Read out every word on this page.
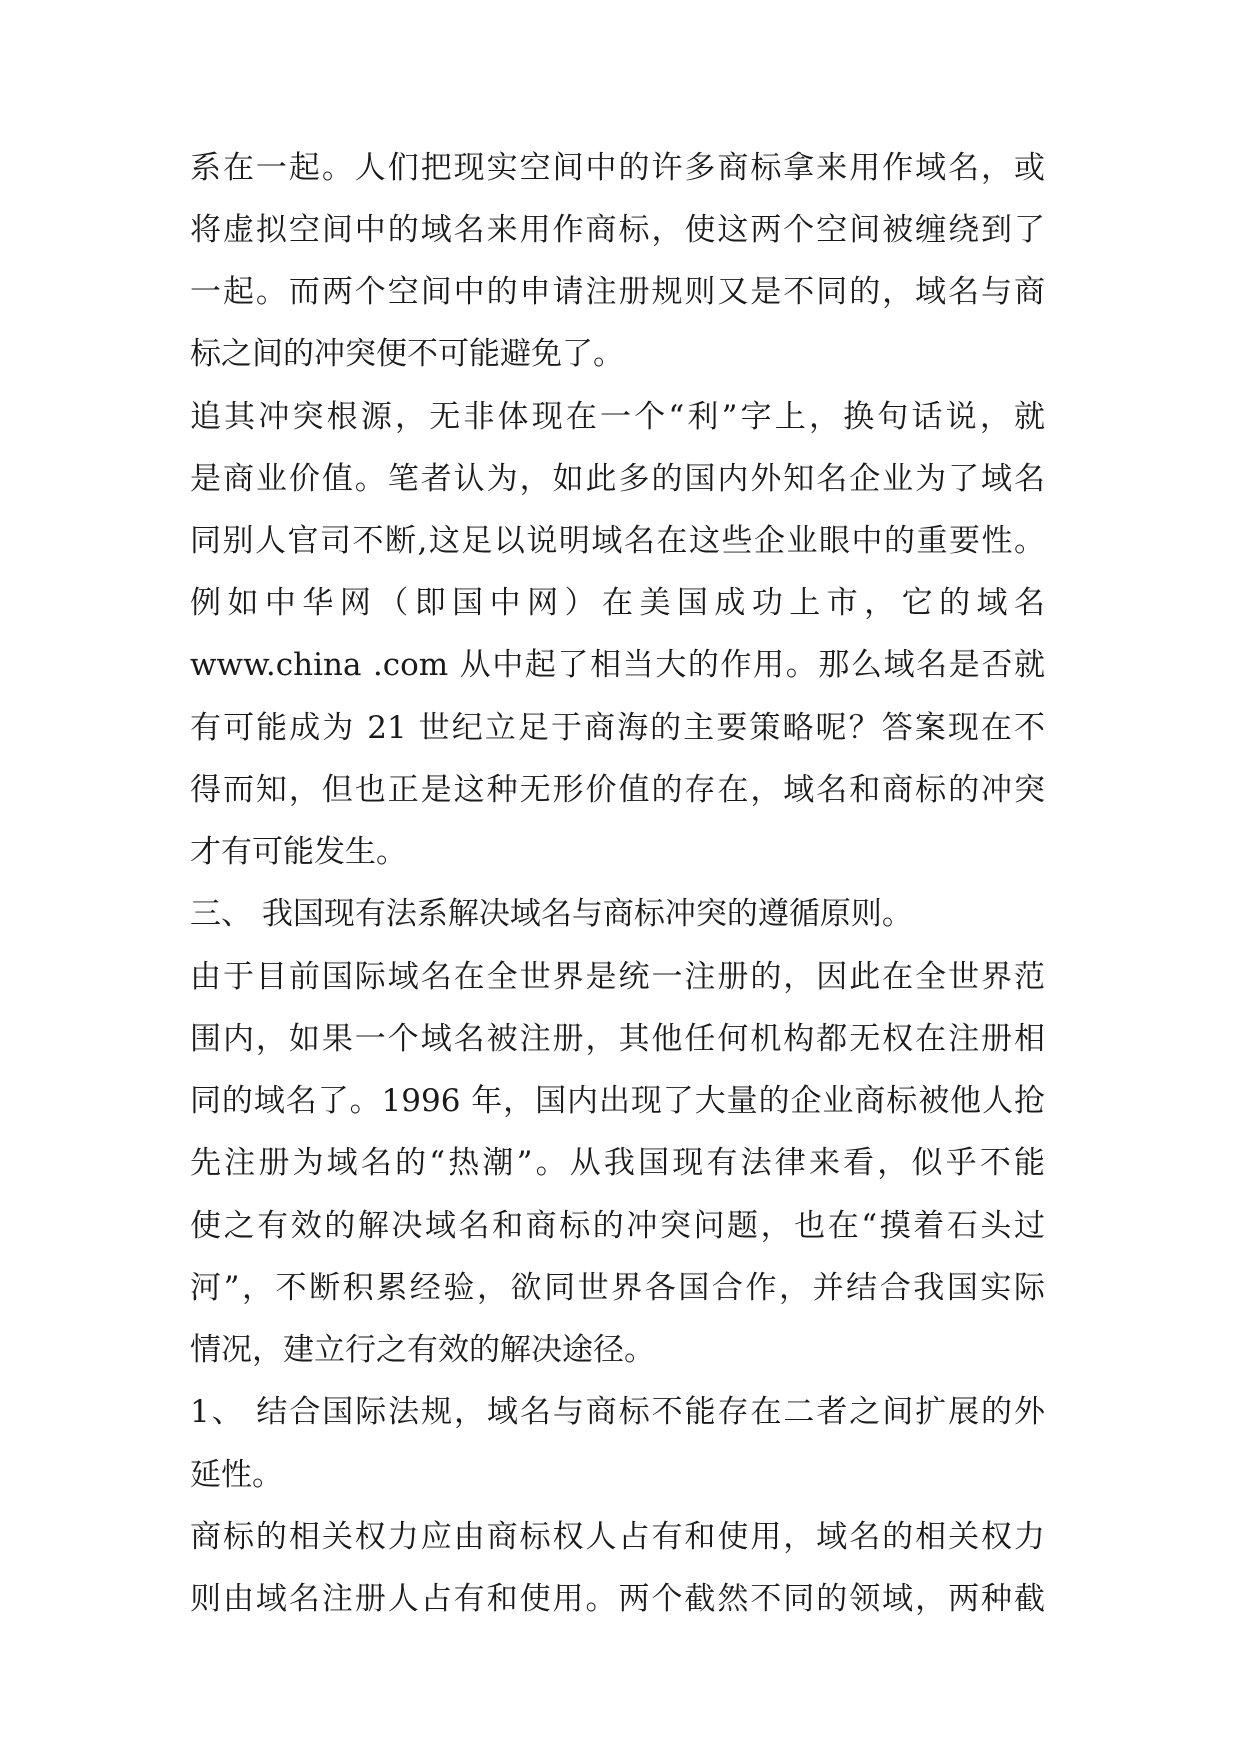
系在一起。人们把现实空间中的许多商标拿来用作域名，或

将虚拟空间中的域名来用作商标，使这两个空间被缠绕到了

一起。而两个空间中的申请注册规则又是不同的，域名与商

标之间的冲突便不可能避免了。

追其冲突根源，无非体现在一个“利”字上，换句话说，就

是商业价值。笔者认为，如此多的国内外知名企业为了域名

同别人官司不断,这足以说明域名在这些企业眼中的重要性。

例如中华网（即国中网）在美国成功上市，它的域名

www.china .com 从中起了相当大的作用。那么域名是否就

有可能成为 21 世纪立足于商海的主要策略呢？答案现在不

得而知，但也正是这种无形价值的存在，域名和商标的冲突

才有可能发生。

三、 我国现有法系解决域名与商标冲突的遵循原则。

由于目前国际域名在全世界是统一注册的，因此在全世界范

围内，如果一个域名被注册，其他任何机构都无权在注册相

同的域名了。1996 年，国内出现了大量的企业商标被他人抢

先注册为域名的“热潮”。从我国现有法律来看，似乎不能

使之有效的解决域名和商标的冲突问题，也在“摸着石头过

河”，不断积累经验，欲同世界各国合作，并结合我国实际

情况，建立行之有效的解决途径。

1、 结合国际法规，域名与商标不能存在二者之间扩展的外

延性。

商标的相关权力应由商标权人占有和使用，域名的相关权力

则由域名注册人占有和使用。两个截然不同的领域，两种截
